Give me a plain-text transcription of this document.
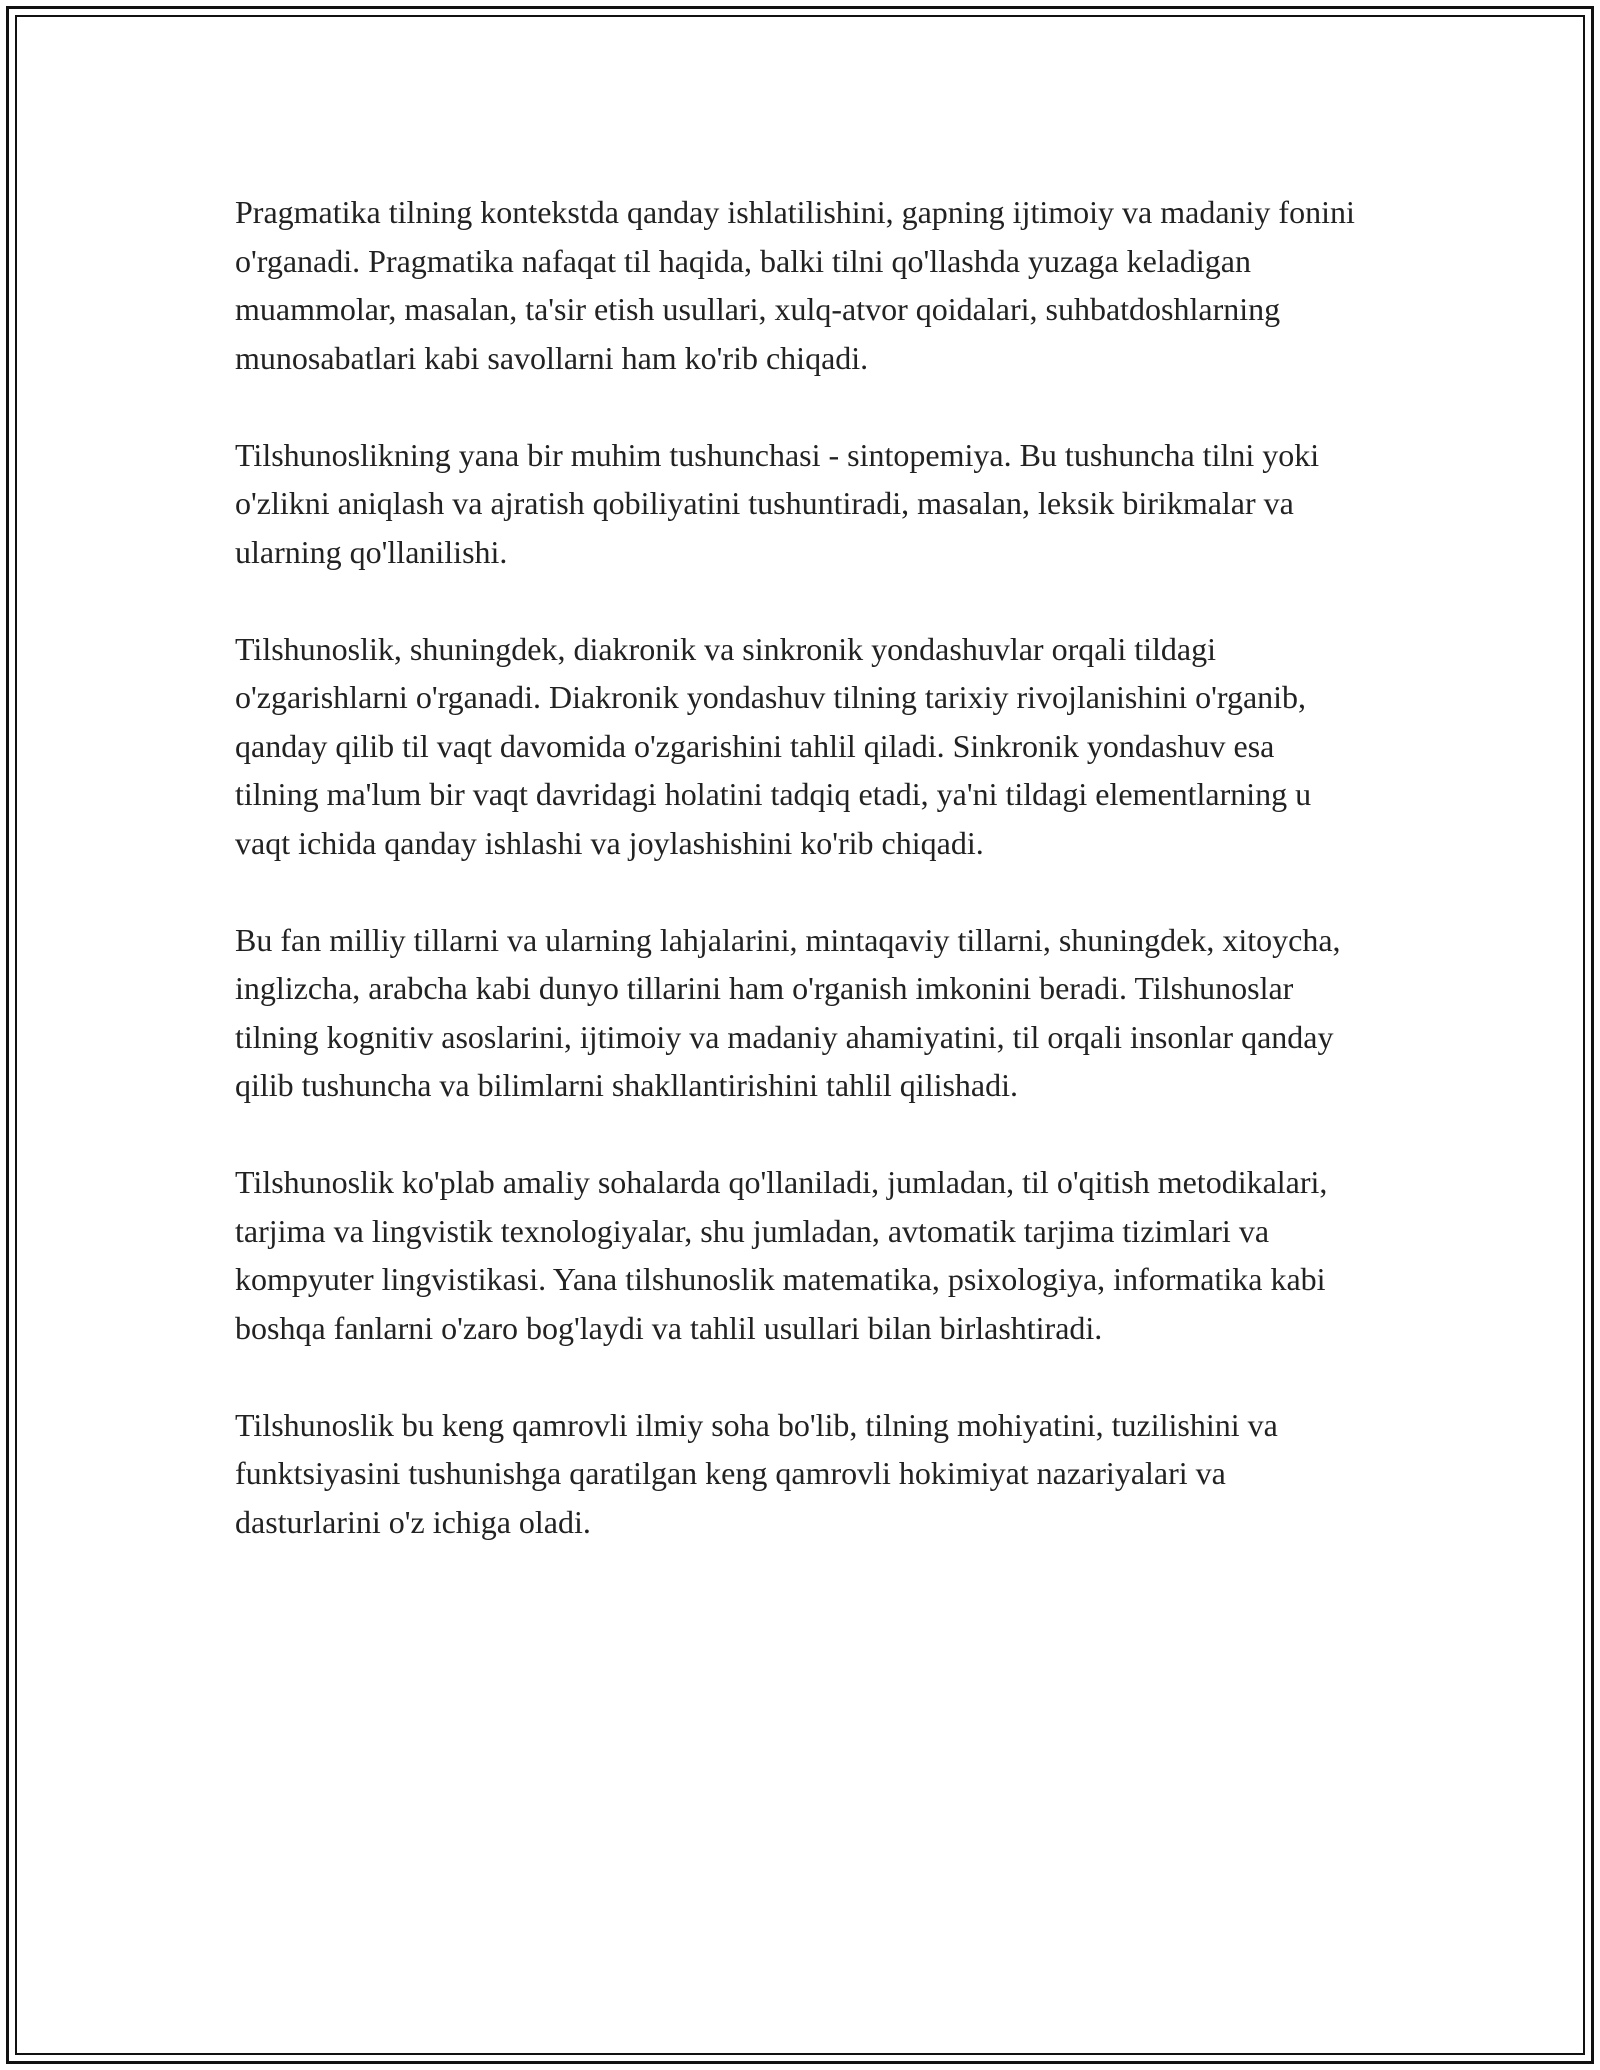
Pragmatika tilning kontekstda qanday ishlatilishini, gapning ijtimoiy va madaniy fonini o'rganadi. Pragmatika nafaqat til haqida, balki tilni qo'llashda yuzaga keladigan muammolar, masalan, ta'sir etish usullari, xulq-atvor qoidalari, suhbatdoshlarning munosabatlari kabi savollarni ham ko'rib chiqadi.

Tilshunoslikning yana bir muhim tushunchasi - sintopemiya. Bu tushuncha tilni yoki o'zlikni aniqlash va ajratish qobiliyatini tushuntiradi, masalan, leksik birikmalar va ularning qo'llanilishi.

Tilshunoslik, shuningdek, diakronik va sinkronik yondashuvlar orqali tildagi o'zgarishlarni o'rganadi. Diakronik yondashuv tilning tarixiy rivojlanishini o'rganib, qanday qilib til vaqt davomida o'zgarishini tahlil qiladi. Sinkronik yondashuv esa tilning ma'lum bir vaqt davridagi holatini tadqiq etadi, ya'ni tildagi elementlarning u vaqt ichida qanday ishlashi va joylashishini ko'rib chiqadi.

Bu fan milliy tillarni va ularning lahjalarini, mintaqaviy tillarni, shuningdek, xitoycha, inglizcha, arabcha kabi dunyo tillarini ham o'rganish imkonini beradi. Tilshunoslar tilning kognitiv asoslarini, ijtimoiy va madaniy ahamiyatini, til orqali insonlar qanday qilib tushuncha va bilimlarni shakllantirishini tahlil qilishadi.

Tilshunoslik ko'plab amaliy sohalarda qo'llaniladi, jumladan, til o'qitish metodikalari, tarjima va lingvistik texnologiyalar, shu jumladan, avtomatik tarjima tizimlari va kompyuter lingvistikasi. Yana tilshunoslik matematika, psixologiya, informatika kabi boshqa fanlarni o'zaro bog'laydi va tahlil usullari bilan birlashtiradi.

Tilshunoslik bu keng qamrovli ilmiy soha bo'lib, tilning mohiyatini, tuzilishini va funktsiyasini tushunishga qaratilgan keng qamrovli hokimiyat nazariyalari va dasturlarini o'z ichiga oladi.
